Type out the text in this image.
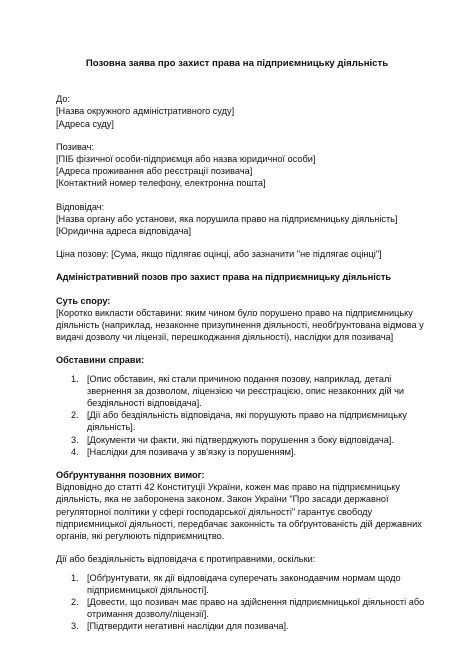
Позовна заява про захист права на підприємницьку діяльність
До:
[Назва окружного адміністративного суду]
[Адреса суду]
Позивач:
[ПІБ фізичної особи-підприємця або назва юридичної особи]
[Адреса проживання або реєстрації позивача]
[Контактний номер телефону, електронна пошта]
Відповідач:
[Назва органу або установи, яка порушила право на підприємницьку діяльність]
[Юридична адреса відповідача]
Ціна позову: [Сума, якщо підлягає оцінці, або зазначити "не підлягає оцінці"]
Адміністративний позов про захист права на підприємницьку діяльність
Суть спору:
[Коротко викласти обставини: яким чином було порушено право на підприємницьку
діяльність (наприклад, незаконне призупинення діяльності, необґрунтована відмова у
видачі дозволу чи ліцензії, перешкоджання діяльності), наслідки для позивача]
Обставини справи:
1. [Опис обставин, які стали причиною подання позову, наприклад, деталі
звернення за дозволом, ліцензією чи реєстрацією, опис незаконних дій чи
бездіяльності відповідача].
2. [Дії або бездіяльність відповідача, які порушують право на підприємницьку
діяльність].
3. [Документи чи факти, які підтверджують порушення з боку відповідача].
4. [Наслідки для позивача у зв'язку із порушенням].
Обґрунтування позовних вимог:
Відповідно до статті 42 Конституції України, кожен має право на підприємницьку
діяльність, яка не заборонена законом. Закон України "Про засади державної
регуляторної політики у сфері господарської діяльності" гарантує свободу
підприємницької діяльності, передбачає законність та обґрунтованість дій державних
органів, які регулюють підприємництво.
Дії або бездіяльність відповідача є протиправними, оскільки:
1. [Обґрунтувати, як дії відповідача суперечать законодавчим нормам щодо
підприємницької діяльності].
2. [Довести, що позивач має право на здійснення підприємницької діяльності або
отримання дозволу/ліцензії].
3. [Підтвердити негативні наслідки для позивача].
